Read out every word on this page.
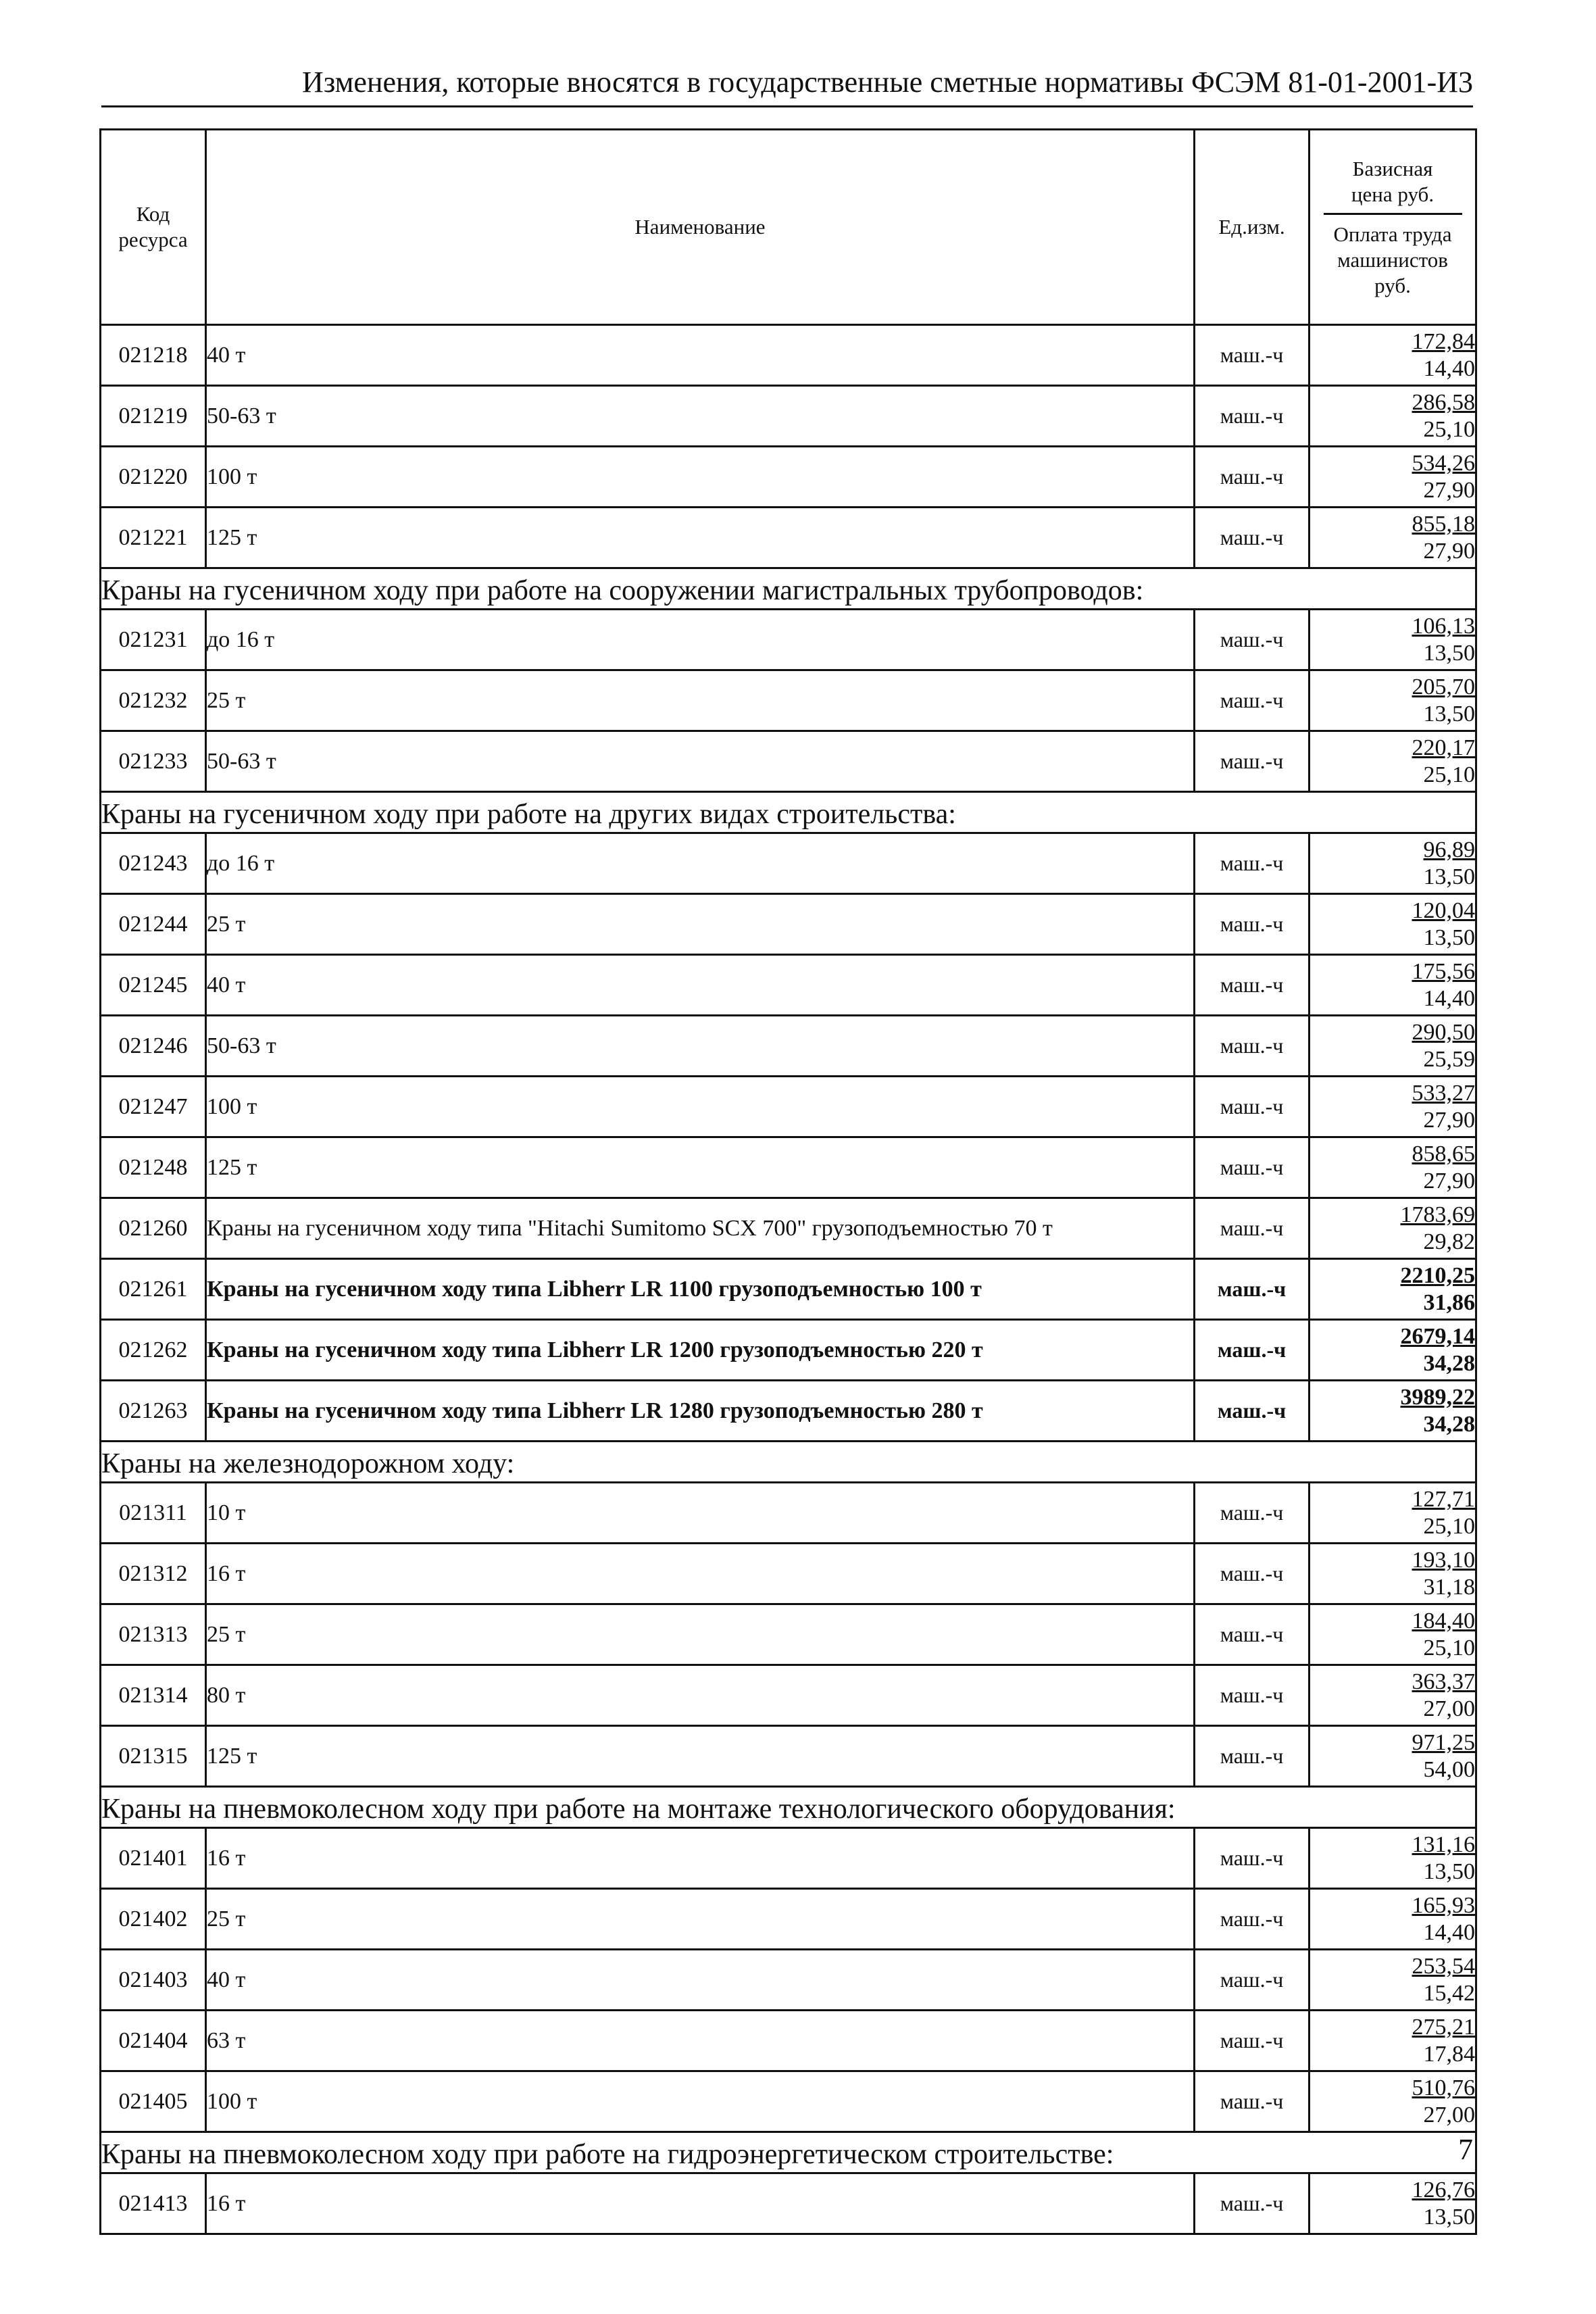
Изменения, которые вносятся в государственные сметные нормативы ФСЭМ 81-01-2001-И3
Код ресурса	Наименование	Ед.изм.	Базисная цена руб.
Оплата труда машинистов руб.

021218	40 т	маш.-ч	172,84
14,40

021219	50-63 т	маш.-ч	286,58
25,10

021220	100 т	маш.-ч	534,26
27,90

021221	125 т	маш.-ч	855,18
27,90

Краны на гусеничном ходу при работе на сооружении магистральных трубопроводов:			
021231	до 16 т	маш.-ч	106,13
13,50

021232	25 т	маш.-ч	205,70
13,50

021233	50-63 т	маш.-ч	220,17
25,10

Краны на гусеничном ходу при работе на других видах строительства:			
021243	до 16 т	маш.-ч	96,89
13,50

021244	25 т	маш.-ч	120,04
13,50

021245	40 т	маш.-ч	175,56
14,40

021246	50-63 т	маш.-ч	290,50
25,59

021247	100 т	маш.-ч	533,27
27,90

021248	125 т	маш.-ч	858,65
27,90

021260	Краны на гусеничном ходу типа "Hitachi Sumitomo SCX 700" грузоподъемностью 70 т	маш.-ч	1783,69
29,82

021261	Краны на гусеничном ходу типа Libherr LR 1100 грузоподъемностью 100 т	маш.-ч	2210,25
31,86

021262	Краны на гусеничном ходу типа Libherr LR 1200 грузоподъемностью 220 т	маш.-ч	2679,14
34,28

021263	Краны на гусеничном ходу типа Libherr LR 1280 грузоподъемностью 280 т	маш.-ч	3989,22
34,28

Краны на железнодорожном ходу:			
021311	10 т	маш.-ч	127,71
25,10

021312	16 т	маш.-ч	193,10
31,18

021313	25 т	маш.-ч	184,40
25,10

021314	80 т	маш.-ч	363,37
27,00

021315	125 т	маш.-ч	971,25
54,00

Краны на пневмоколесном ходу при работе на монтаже технологического оборудования:			
021401	16 т	маш.-ч	131,16
13,50

021402	25 т	маш.-ч	165,93
14,40

021403	40 т	маш.-ч	253,54
15,42

021404	63 т	маш.-ч	275,21
17,84

021405	100 т	маш.-ч	510,76
27,00

Краны на пневмоколесном ходу при работе на гидроэнергетическом строительстве:			
021413	16 т	маш.-ч	126,76
13,50
7
